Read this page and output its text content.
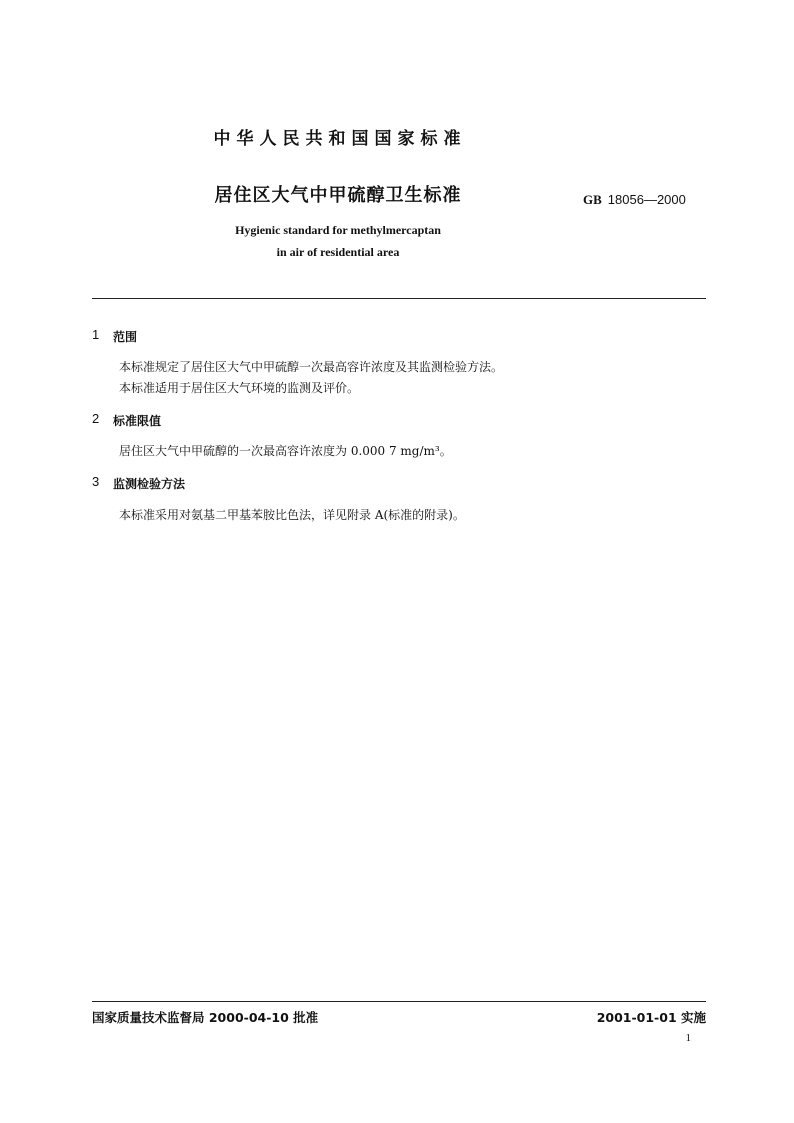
中华人民共和国国家标准
居住区大气中甲硫醇卫生标准	GB 18056—2000
Hygienic standard for methylmercaptan
in air of residential area
1 范围
本标准规定了居住区大气中甲硫醇一次最高容许浓度及其监测检验方法。
本标准适用于居住区大气环境的监测及评价。
2 标准限值
居住区大气中甲硫醇的一次最高容许浓度为 0.000 7 mg/m³。
3 监测检验方法
本标准采用对氨基二甲基苯胺比色法，详见附录 A(标准的附录)。
国家质量技术监督局 2000-04-10 批准	2001-01-01 实施
1
